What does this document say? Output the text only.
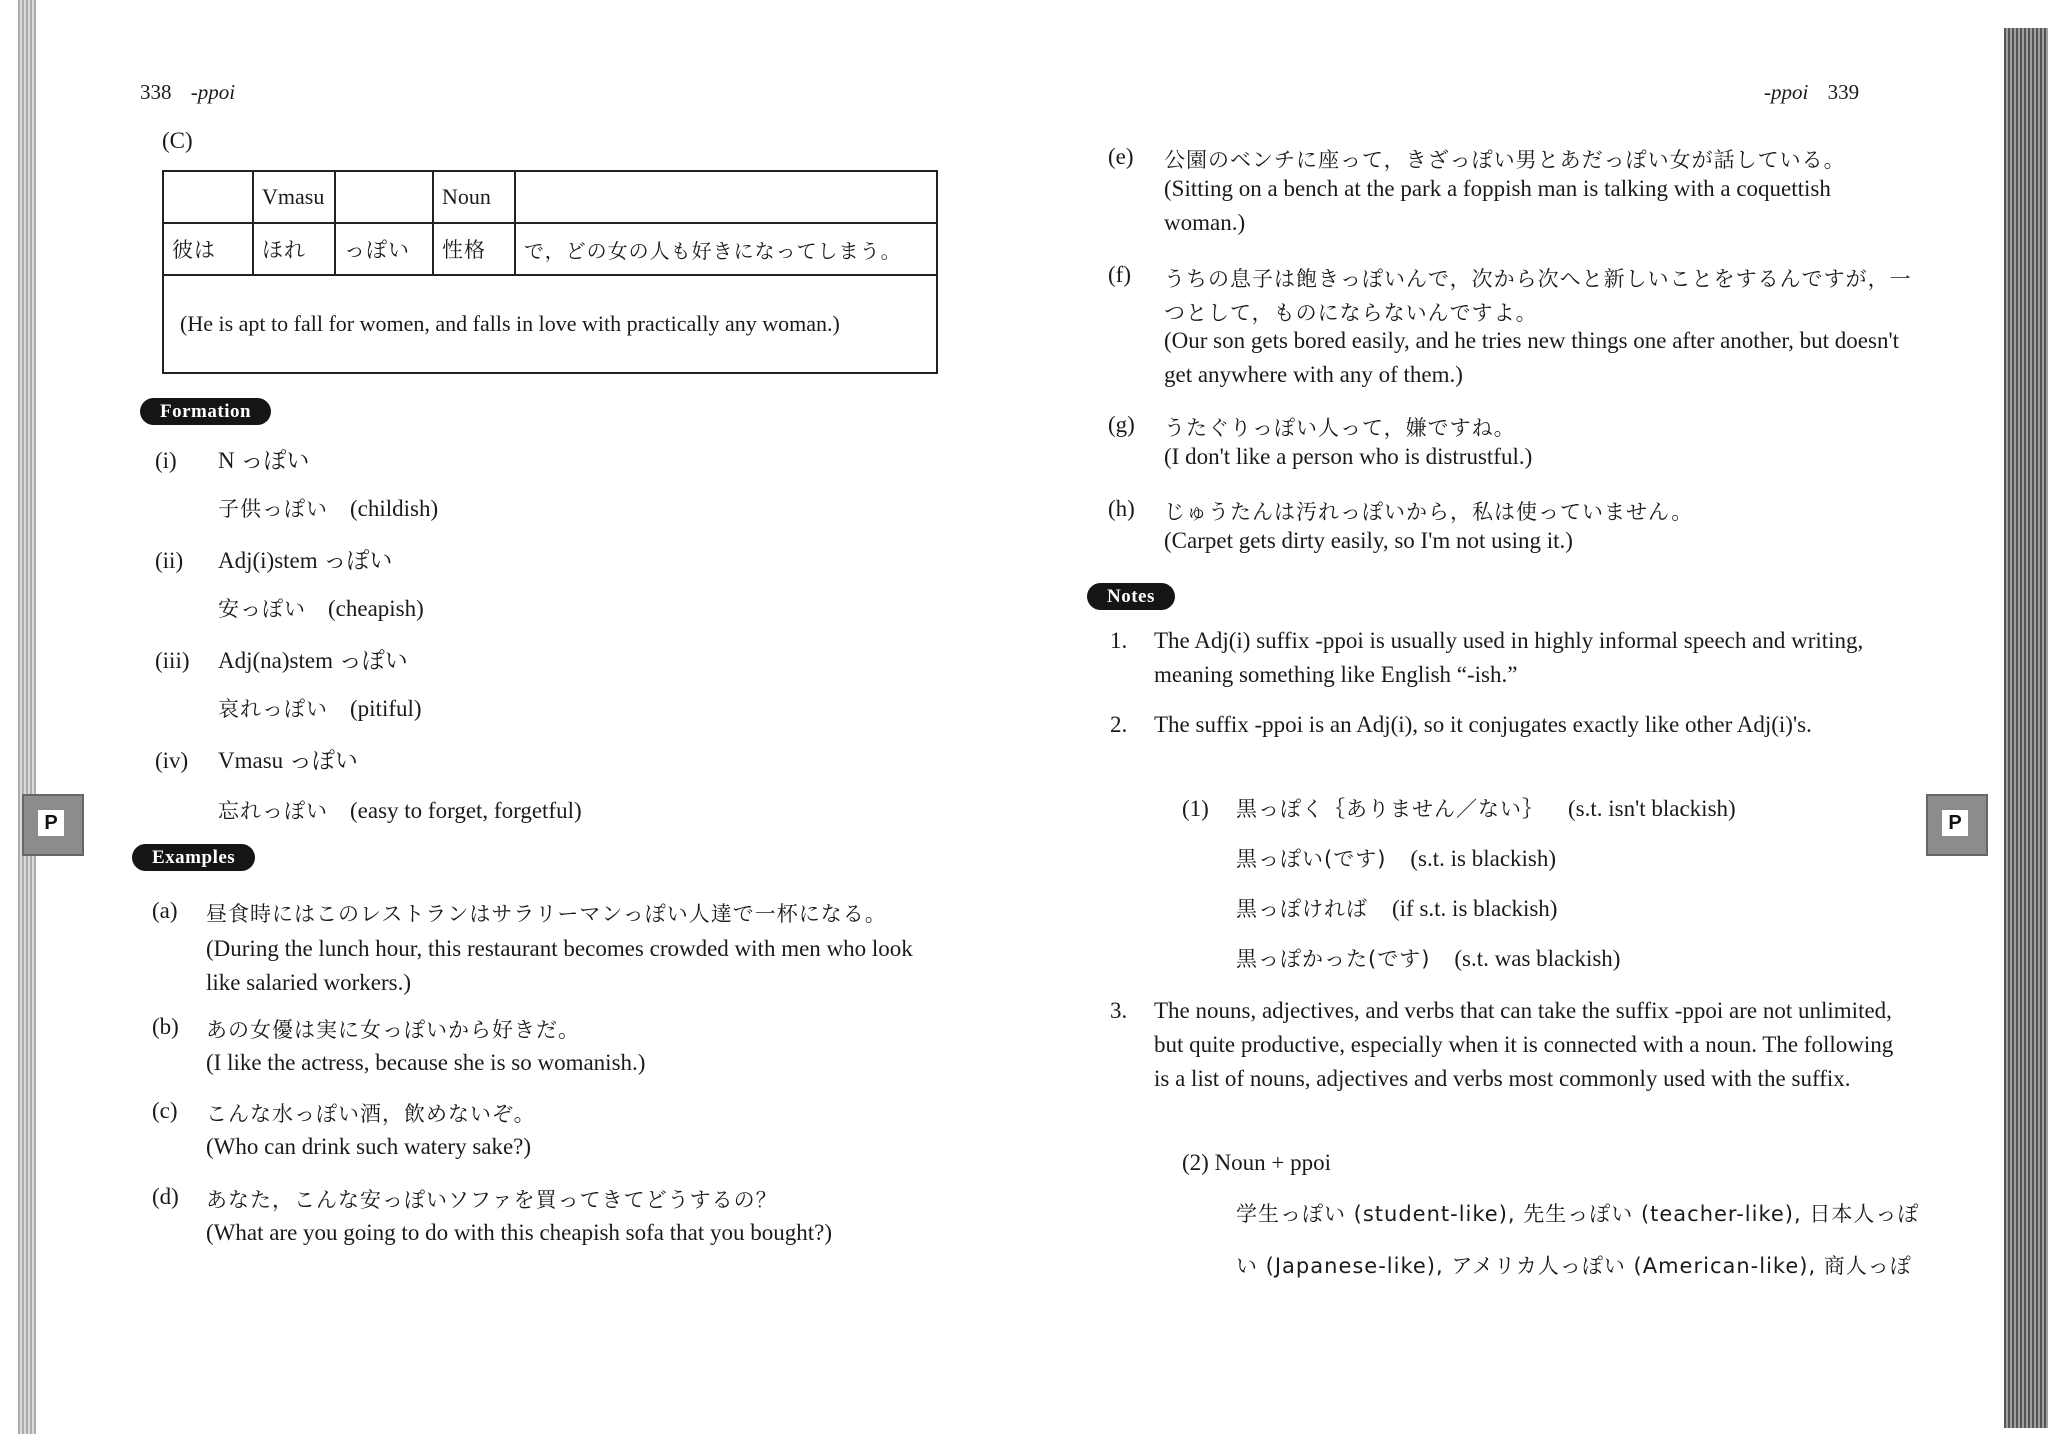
338 -ppoi
(C)
	Vmasu		Noun	
彼は	ほれ	っぽい	性格	で，どの女の人も好きになってしまう。
(He is apt to fall for women, and falls in love with practically any woman.)				
Formation
(i) N っぽい
子供っぽい (childish)
(ii) Adj(i)stem っぽい
安っぽい (cheapish)
(iii) Adj(na)stem っぽい
哀れっぽい (pitiful)
(iv) Vmasu っぽい
忘れっぽい (easy to forget, forgetful)
P
Examples
(a) 昼食時にはこのレストランはサラリーマンっぽい人達で一杯になる。
(During the lunch hour, this restaurant becomes crowded with men who look like salaried workers.)
(b) あの女優は実に女っぽいから好きだ。
(I like the actress, because she is so womanish.)
(c) こんな水っぽい酒，飲めないぞ。
(Who can drink such watery sake?)
(d) あなた，こんな安っぽいソファを買ってきてどうするの？
(What are you going to do with this cheapish sofa that you bought?)
-ppoi 339
(e) 公園のベンチに座って，きざっぽい男とあだっぽい女が話している。
(Sitting on a bench at the park a foppish man is talking with a coquettish woman.)
(f) うちの息子は飽きっぽいんで，次から次へと新しいことをするんですが，一つとして，ものにならないんですよ。
(Our son gets bored easily, and he tries new things one after another, but doesn't get anywhere with any of them.)
(g) うたぐりっぽい人って，嫌ですね。
(I don't like a person who is distrustful.)
(h) じゅうたんは汚れっぽいから，私は使っていません。
(Carpet gets dirty easily, so I'm not using it.)
Notes
1. The Adj(i) suffix -ppoi is usually used in highly informal speech and writing, meaning something like English “-ish.”
2. The suffix -ppoi is an Adj(i), so it conjugates exactly like other Adj(i)'s.
(1) 黒っぽく｛ありません／ない｝ (s.t. isn't blackish)
黒っぽい(です) (s.t. is blackish)
黒っぽければ (if s.t. is blackish)
黒っぽかった(です) (s.t. was blackish)
3. The nouns, adjectives, and verbs that can take the suffix -ppoi are not unlimited, but quite productive, especially when it is connected with a noun. The following is a list of nouns, adjectives and verbs most commonly used with the suffix.
(2) Noun + ppoi
学生っぽい (student-like), 先生っぽい (teacher-like), 日本人っぽ
い (Japanese-like), アメリカ人っぽい (American-like), 商人っぽ
P
